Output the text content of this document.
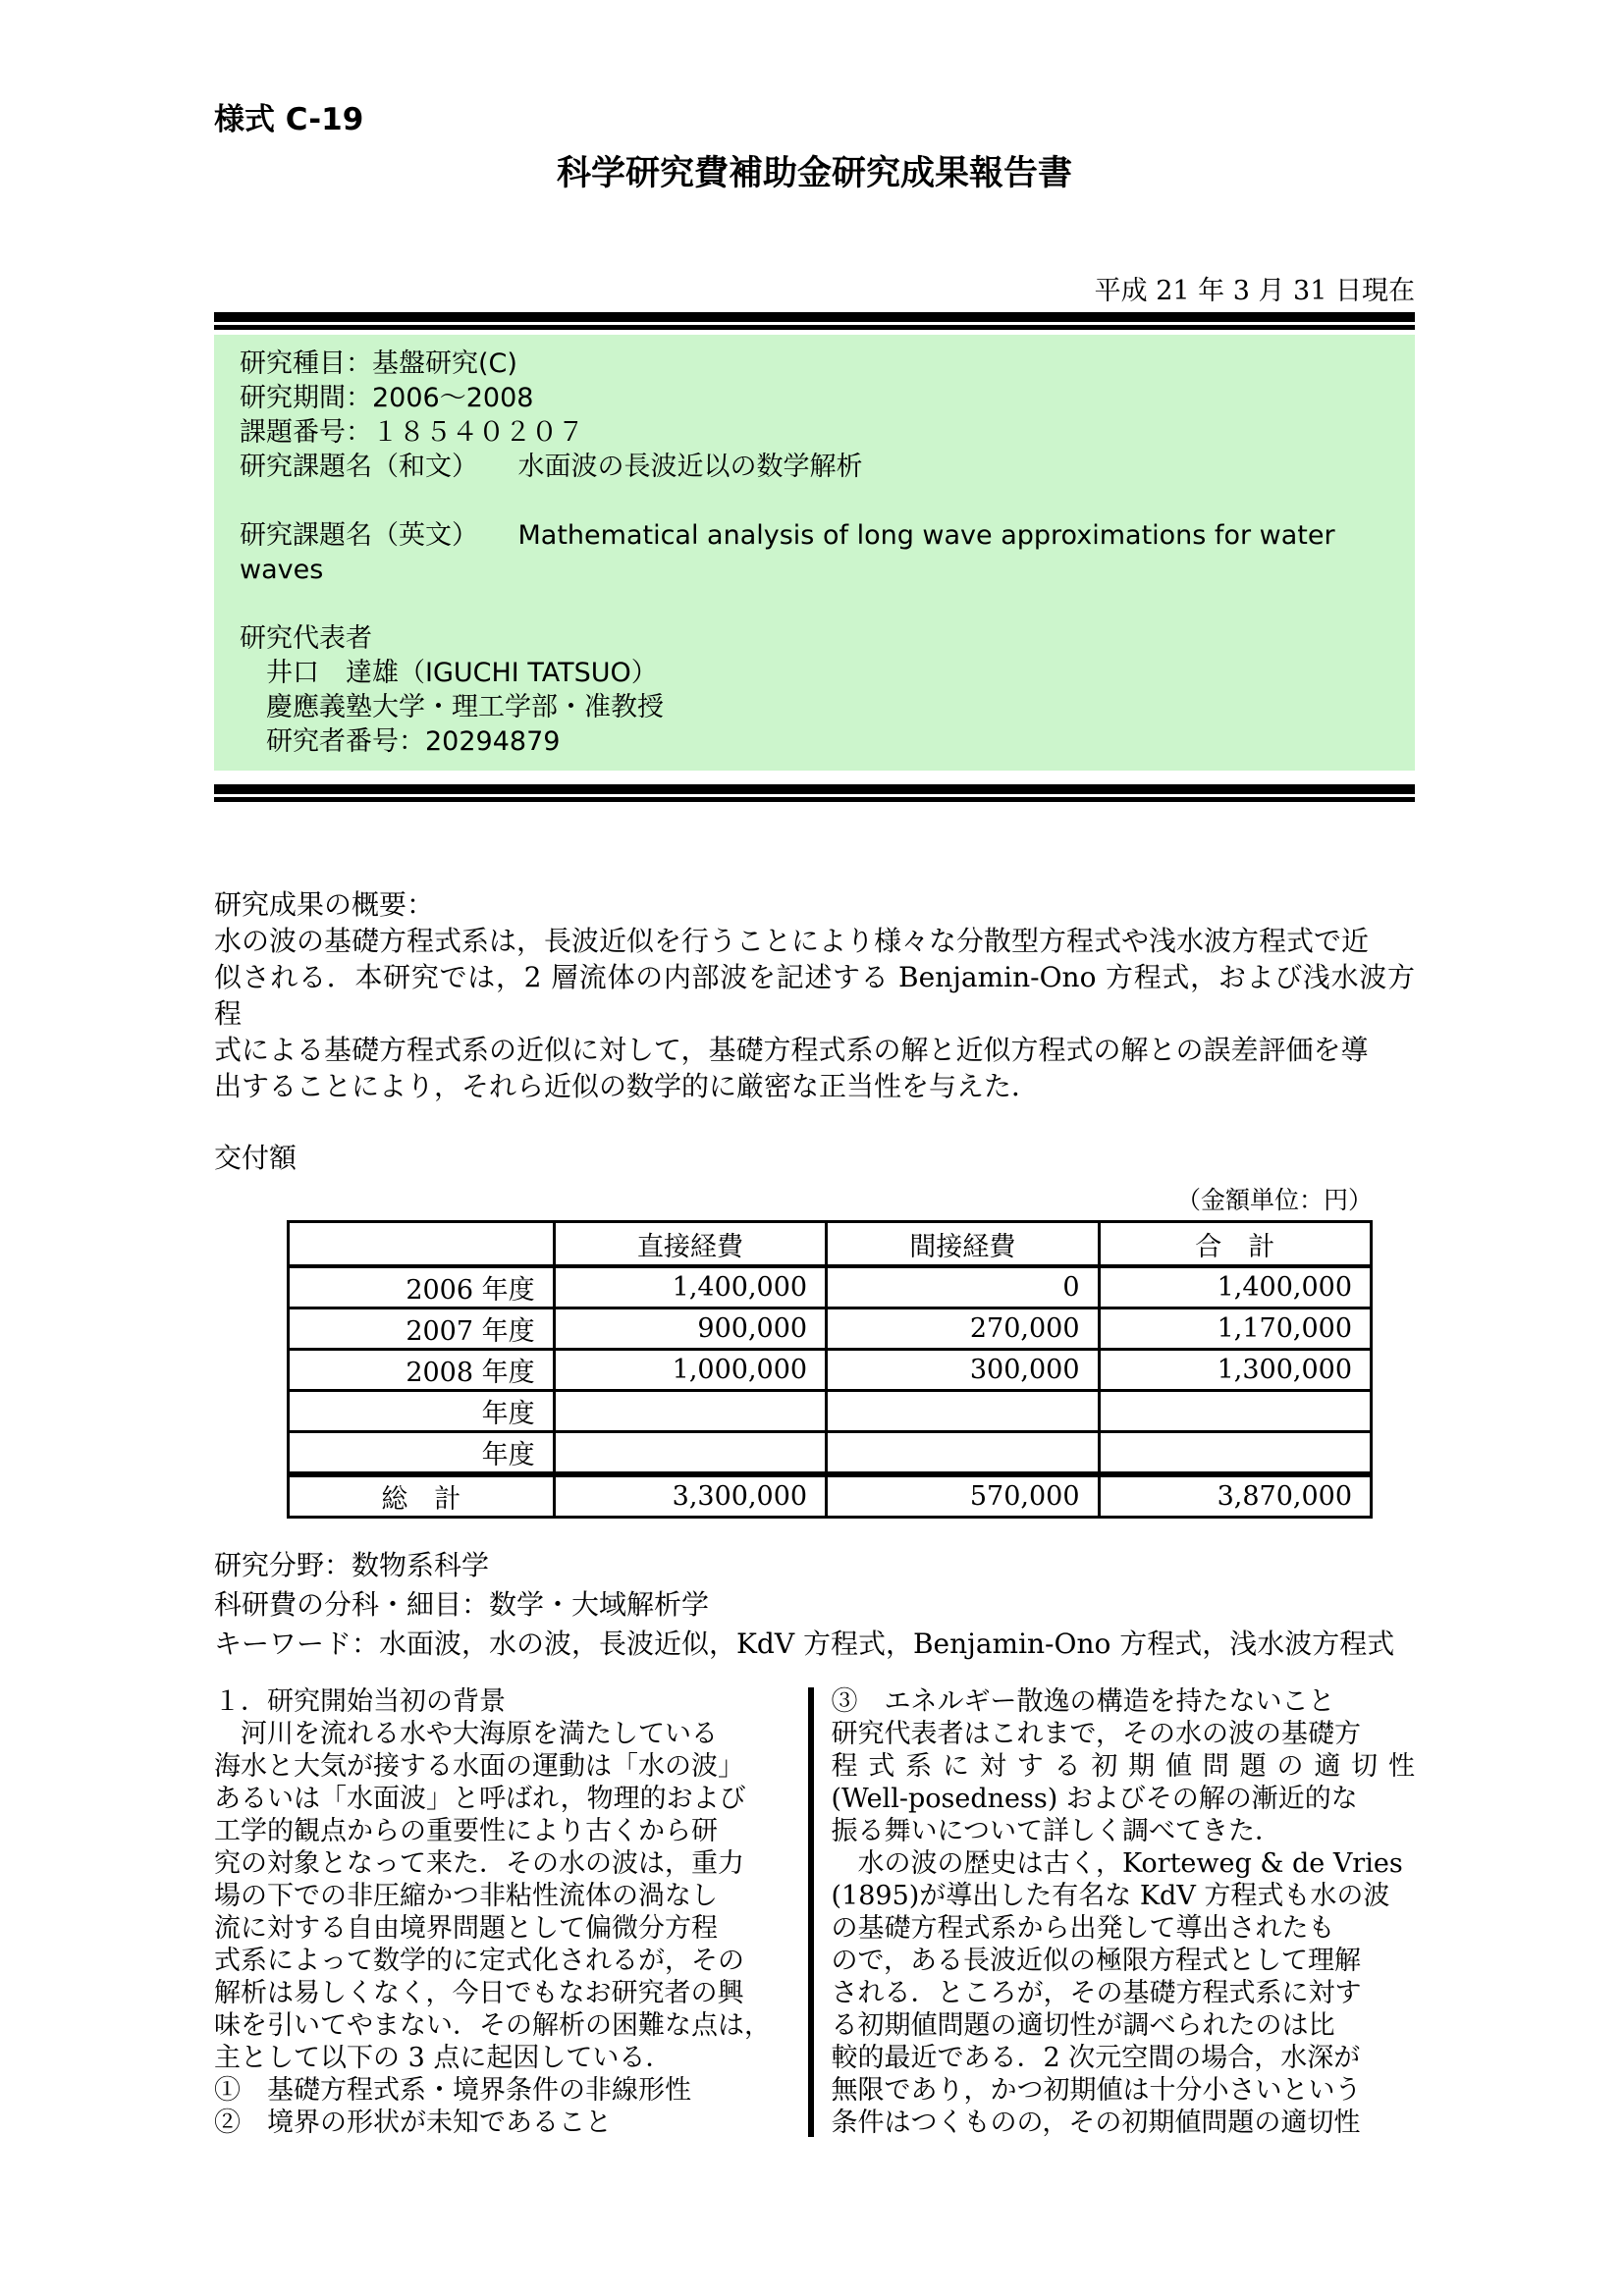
様式 C-19
科学研究費補助金研究成果報告書
平成 21 年 3 月 31 日現在
研究種目：基盤研究(C)
研究期間：2006～2008
課題番号：１８５４０２０７
研究課題名（和文）　　水面波の長波近以の数学解析
研究課題名（英文）　　Mathematical analysis of long wave approximations for water waves
研究代表者
　井口　達雄（IGUCHI TATSUO）
　慶應義塾大学・理工学部・准教授
　研究者番号：20294879
研究成果の概要：
水の波の基礎方程式系は，長波近似を行うことにより様々な分散型方程式や浅水波方程式で近
似される．本研究では，2 層流体の内部波を記述する Benjamin-Ono 方程式，および浅水波方程
式による基礎方程式系の近似に対して，基礎方程式系の解と近似方程式の解との誤差評価を導
出することにより，それら近似の数学的に厳密な正当性を与えた．
交付額
（金額単位：円）
	直接経費	間接経費	合　計
2006 年度	1,400,000	0	1,400,000
2007 年度	900,000	270,000	1,170,000
2008 年度	1,000,000	300,000	1,300,000
年度			
年度			
総　計	3,300,000	570,000	3,870,000
研究分野：数物系科学
科研費の分科・細目：数学・大域解析学
キーワード：水面波，水の波，長波近似，KdV 方程式，Benjamin-Ono 方程式，浅水波方程式
１．研究開始当初の背景
　河川を流れる水や大海原を満たしている
海水と大気が接する水面の運動は「水の波」
あるいは「水面波」と呼ばれ，物理的および
工学的観点からの重要性により古くから研
究の対象となって来た．その水の波は，重力
場の下での非圧縮かつ非粘性流体の渦なし
流に対する自由境界問題として偏微分方程
式系によって数学的に定式化されるが，その
解析は易しくなく，今日でもなお研究者の興
味を引いてやまない．その解析の困難な点は，
主として以下の 3 点に起因している．
①　基礎方程式系・境界条件の非線形性
②　境界の形状が未知であること
③　エネルギー散逸の構造を持たないこと
研究代表者はこれまで，その水の波の基礎方
程式系に対する初期値問題の適切性
(Well-posedness) およびその解の漸近的な
振る舞いについて詳しく調べてきた．
　水の波の歴史は古く，Korteweg & de Vries
(1895)が導出した有名な KdV 方程式も水の波
の基礎方程式系から出発して導出されたも
ので，ある長波近似の極限方程式として理解
される．ところが，その基礎方程式系に対す
る初期値問題の適切性が調べられたのは比
較的最近である．2 次元空間の場合，水深が
無限であり，かつ初期値は十分小さいという
条件はつくものの，その初期値問題の適切性
